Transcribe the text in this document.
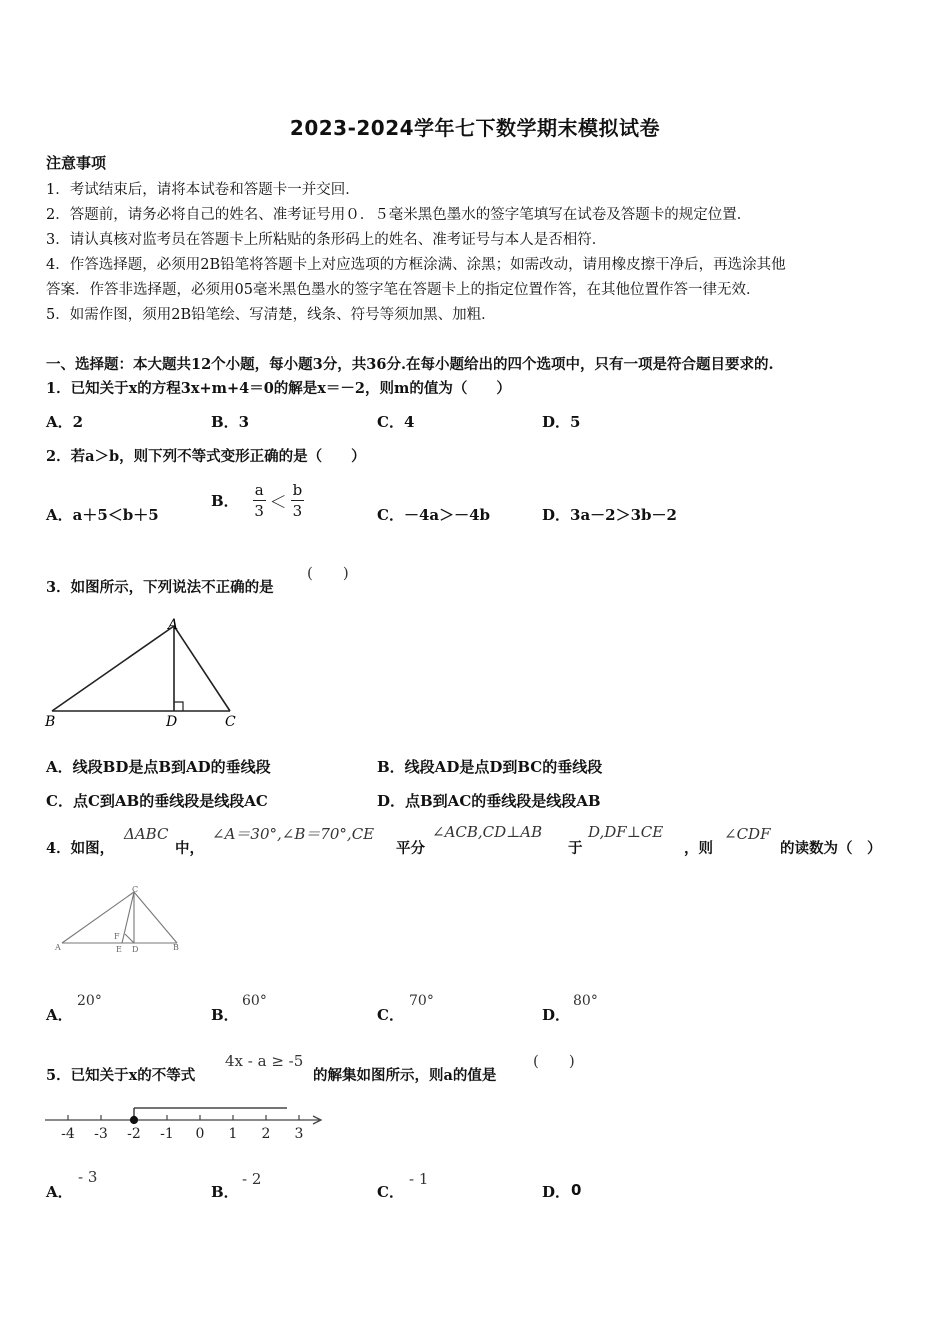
2023-2024学年七下数学期末模拟试卷
注意事项
1．考试结束后，请将本试卷和答题卡一并交回．
2．答题前，请务必将自己的姓名、准考证号用０．５毫米黑色墨水的签字笔填写在试卷及答题卡的规定位置．
3．请认真核对监考员在答题卡上所粘贴的条形码上的姓名、准考证号与本人是否相符．
4．作答选择题，必须用2B铅笔将答题卡上对应选项的方框涂满、涂黑；如需改动，请用橡皮擦干净后，再选涂其他
答案．作答非选择题，必须用05毫米黑色墨水的签字笔在答题卡上的指定位置作答，在其他位置作答一律无效．
5．如需作图，须用2B铅笔绘、写清楚，线条、符号等须加黑、加粗．
一、选择题：本大题共12个小题，每小题3分，共36分.在每小题给出的四个选项中，只有一项是符合题目要求的.
1．已知关于x的方程3x+m+4＝0的解是x＝－2，则m的值为（　　）
A．2	B．3	C．4	D．5
2．若a＞b，则下列不等式变形正确的是（　　）
A．a＋5＜b＋5
B． $\frac{a}{3} < \frac{b}{3}$	C．－4a＞－4b	D．3a－2＞3b－2
3．如图所示，下列说法不正确的是
(　　)
A
B	D	C
A．线段BD是点B到AD的垂线段	B．线段AD是点D到BC的垂线段
C．点C到AB的垂线段是线段AC	D．点B到AC的垂线段是线段AB
4．如图，
ΔABC
中，
∠A＝30°,∠B＝70°,CE
平分
∠ACB,CD⊥AB
于
D,DF⊥CE
，则
∠CDF
的读数为（　）
C
A	B
F
E D
A．
20°
B．
60°
C．
70°
D．
80°
5．已知关于x的不等式
4x - a ≥ -5
的解集如图所示，则a的值是
(　　)
-4 -3 -2 -1 0 1 2 3
A．
- 3
B．
- 2
C．
- 1
D． 0
